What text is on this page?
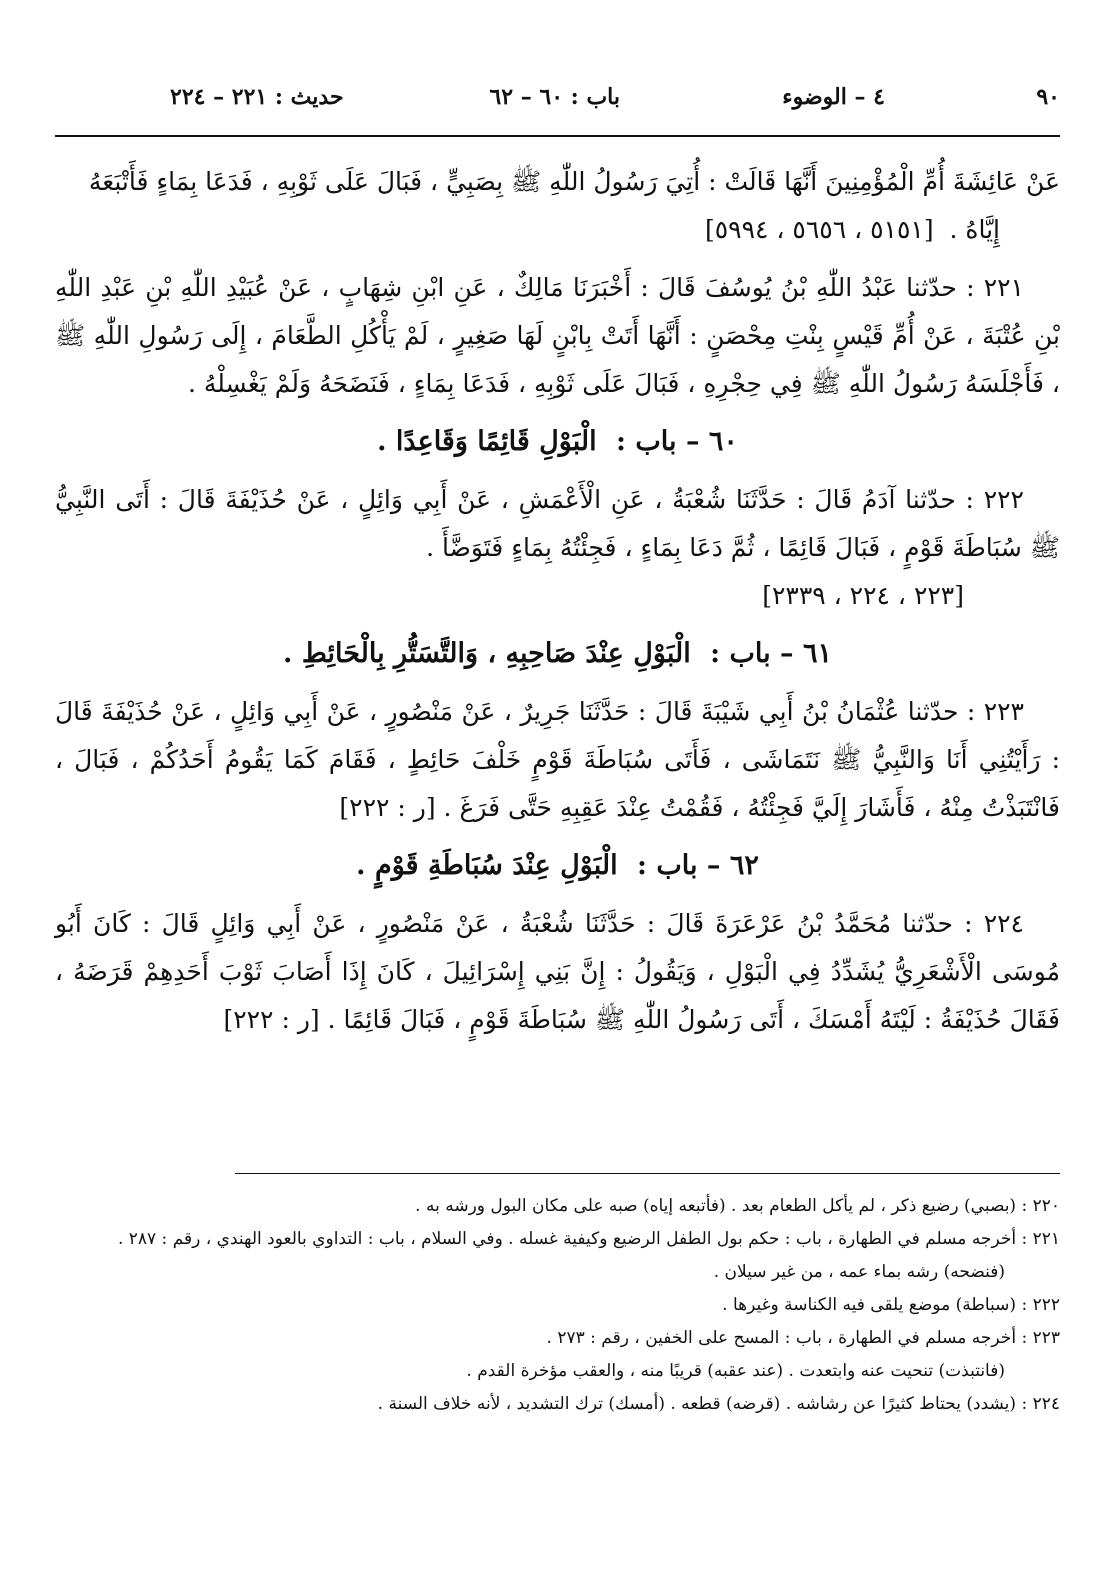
٩٠
٤ – الوضوء
باب : ٦٠ – ٦٢
حديث : ٢٢١ – ٢٢٤

عَنْ عَائِشَةَ أُمِّ الْمُؤْمِنِينَ أَنَّهَا قَالَتْ : أُتِيَ رَسُولُ اللّٰهِ ﷺ بِصَبِيٍّ ، فَبَالَ عَلَى ثَوْبِهِ ، فَدَعَا بِمَاءٍ فَأَتْبَعَهُ
إِيَّاهُ .  [٥١٥١ ، ٥٦٥٦ ، ٥٩٩٤]

٢٢١ : حدّثنا عَبْدُ اللّٰهِ بْنُ يُوسُفَ قَالَ : أَخْبَرَنَا مَالِكٌ ، عَنِ ابْنِ شِهَابٍ ، عَنْ عُبَيْدِ اللّٰهِ بْنِ عَبْدِ اللّٰهِ بْنِ عُتْبَةَ ، عَنْ أُمِّ قَيْسٍ بِنْتِ مِحْصَنٍ : أَنَّهَا أَتَتْ بِابْنٍ لَهَا صَغِيرٍ ، لَمْ يَأْكُلِ الطَّعَامَ ، إِلَى رَسُولِ اللّٰهِ ﷺ ، فَأَجْلَسَهُ رَسُولُ اللّٰهِ ﷺ فِي حِجْرِهِ ، فَبَالَ عَلَى ثَوْبِهِ ، فَدَعَا بِمَاءٍ ، فَنَضَحَهُ وَلَمْ يَغْسِلْهُ .

٦٠ – باب : الْبَوْلِ قَائِمًا وَقَاعِدًا .

٢٢٢ : حدّثنا آدَمُ قَالَ : حَدَّثَنَا شُعْبَةُ ، عَنِ الْأَعْمَشِ ، عَنْ أَبِي وَائِلٍ ، عَنْ حُذَيْفَةَ قَالَ : أَتَى النَّبِيُّ ﷺ سُبَاطَةَ قَوْمٍ ، فَبَالَ قَائِمًا ، ثُمَّ دَعَا بِمَاءٍ ، فَجِئْتُهُ بِمَاءٍ فَتَوَضَّأَ .
[٢٢٣ ، ٢٢٤ ، ٢٣٣٩]

٦١ – باب : الْبَوْلِ عِنْدَ صَاحِبِهِ ، وَالتَّسَتُّرِ بِالْحَائِطِ .

٢٢٣ : حدّثنا عُثْمَانُ بْنُ أَبِي شَيْبَةَ قَالَ : حَدَّثَنَا جَرِيرٌ ، عَنْ مَنْصُورٍ ، عَنْ أَبِي وَائِلٍ ، عَنْ حُذَيْفَةَ قَالَ : رَأَيْتُنِي أَنَا وَالنَّبِيُّ ﷺ نَتَمَاشَى ، فَأَتَى سُبَاطَةَ قَوْمٍ خَلْفَ حَائِطٍ ، فَقَامَ كَمَا يَقُومُ أَحَدُكُمْ ، فَبَالَ ، فَانْتَبَذْتُ مِنْهُ ، فَأَشَارَ إِلَيَّ فَجِئْتُهُ ، فَقُمْتُ عِنْدَ عَقِبِهِ حَتَّى فَرَغَ . [ر : ٢٢٢]

٦٢ – باب : الْبَوْلِ عِنْدَ سُبَاطَةِ قَوْمٍ .

٢٢٤ : حدّثنا مُحَمَّدُ بْنُ عَرْعَرَةَ قَالَ : حَدَّثَنَا شُعْبَةُ ، عَنْ مَنْصُورٍ ، عَنْ أَبِي وَائِلٍ قَالَ : كَانَ أَبُو مُوسَى الْأَشْعَرِيُّ يُشَدِّدُ فِي الْبَوْلِ ، وَيَقُولُ : إِنَّ بَنِي إِسْرَائِيلَ ، كَانَ إِذَا أَصَابَ ثَوْبَ أَحَدِهِمْ قَرَضَهُ ، فَقَالَ حُذَيْفَةُ : لَيْتَهُ أَمْسَكَ ، أَتَى رَسُولُ اللّٰهِ ﷺ سُبَاطَةَ قَوْمٍ ، فَبَالَ قَائِمًا . [ر : ٢٢٢]

٢٢٠ : (بصبي) رضيع ذكر ، لم يأكل الطعام بعد . (فأتبعه إياه) صبه على مكان البول ورشه به .

٢٢١ : أخرجه مسلم في الطهارة ، باب : حكم بول الطفل الرضيع وكيفية غسله . وفي السلام ، باب : التداوي بالعود الهندي ، رقم : ٢٨٧ .

(فنضحه) رشه بماء عمه ، من غير سيلان .

٢٢٢ : (سباطة) موضع يلقى فيه الكناسة وغيرها .

٢٢٣ : أخرجه مسلم في الطهارة ، باب : المسح على الخفين ، رقم : ٢٧٣ .

(فانتبذت) تنحيت عنه وابتعدت . (عند عقبه) قريبًا منه ، والعقب مؤخرة القدم .

٢٢٤ : (يشدد) يحتاط كثيرًا عن رشاشه . (قرضه) قطعه . (أمسك) ترك التشديد ، لأنه خلاف السنة .
